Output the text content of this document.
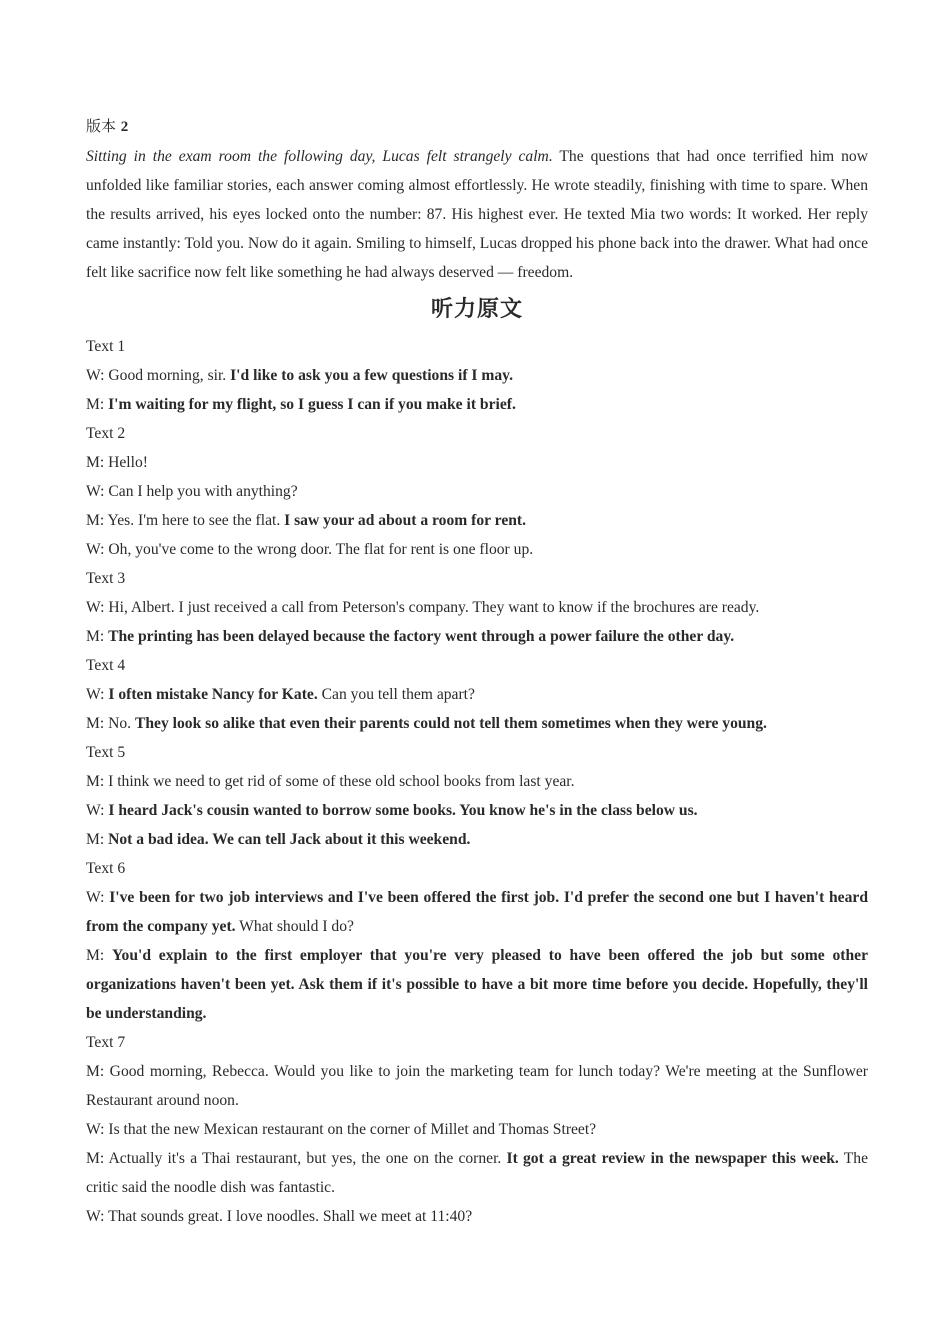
版本 2

Sitting in the exam room the following day, Lucas felt strangely calm. The questions that had once terrified him now unfolded like familiar stories, each answer coming almost effortlessly. He wrote steadily, finishing with time to spare. When the results arrived, his eyes locked onto the number: 87. His highest ever. He texted Mia two words: It worked. Her reply came instantly: Told you. Now do it again. Smiling to himself, Lucas dropped his phone back into the drawer. What had once felt like sacrifice now felt like something he had always deserved — freedom.

听力原文

Text 1

W: Good morning, sir. I'd like to ask you a few questions if I may.

M: I'm waiting for my flight, so I guess I can if you make it brief.

Text 2

M: Hello!

W: Can I help you with anything?

M: Yes. I'm here to see the flat. I saw your ad about a room for rent.

W: Oh, you've come to the wrong door. The flat for rent is one floor up.

Text 3

W: Hi, Albert. I just received a call from Peterson's company. They want to know if the brochures are ready.

M: The printing has been delayed because the factory went through a power failure the other day.

Text 4

W: I often mistake Nancy for Kate. Can you tell them apart?

M: No. They look so alike that even their parents could not tell them sometimes when they were young.

Text 5

M: I think we need to get rid of some of these old school books from last year.

W: I heard Jack's cousin wanted to borrow some books. You know he's in the class below us.

M: Not a bad idea. We can tell Jack about it this weekend.

Text 6

W: I've been for two job interviews and I've been offered the first job. I'd prefer the second one but I haven't heard from the company yet. What should I do?

M: You'd explain to the first employer that you're very pleased to have been offered the job but some other organizations haven't been yet. Ask them if it's possible to have a bit more time before you decide. Hopefully, they'll be understanding.

Text 7

M: Good morning, Rebecca. Would you like to join the marketing team for lunch today? We're meeting at the Sunflower Restaurant around noon.

W: Is that the new Mexican restaurant on the corner of Millet and Thomas Street?

M: Actually it's a Thai restaurant, but yes, the one on the corner. It got a great review in the newspaper this week. The critic said the noodle dish was fantastic.

W: That sounds great. I love noodles. Shall we meet at 11:40?
